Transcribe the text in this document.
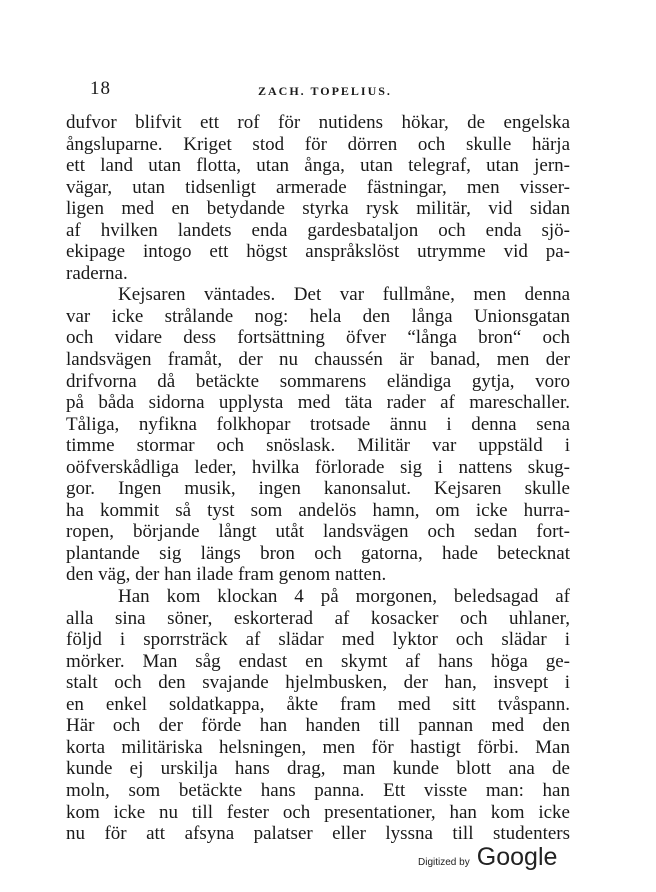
18	ZACH. TOPELIUS.
dufvor blifvit ett rof för nutidens hökar, de engelska
ångsluparne. Kriget stod för dörren och skulle härja
ett land utan flotta, utan ånga, utan telegraf, utan jern-
vägar, utan tidsenligt armerade fästningar, men visser-
ligen med en betydande styrka rysk militär, vid sidan
af hvilken landets enda gardesbataljon och enda sjö-
ekipage intogo ett högst anspråkslöst utrymme vid pa-
raderna.
Kejsaren väntades. Det var fullmåne, men denna
var icke strålande nog: hela den långa Unionsgatan
och vidare dess fortsättning öfver “långa bron“ och
landsvägen framåt, der nu chaussén är banad, men der
drifvorna då betäckte sommarens eländiga gytja, voro
på båda sidorna upplysta med täta rader af mareschaller.
Tåliga, nyfikna folkhopar trotsade ännu i denna sena
timme stormar och snöslask. Militär var uppstäld i
oöfverskådliga leder, hvilka förlorade sig i nattens skug-
gor. Ingen musik, ingen kanonsalut. Kejsaren skulle
ha kommit så tyst som andelös hamn, om icke hurra-
ropen, börjande långt utåt landsvägen och sedan fort-
plantande sig längs bron och gatorna, hade betecknat
den väg, der han ilade fram genom natten.
Han kom klockan 4 på morgonen, beledsagad af
alla sina söner, eskorterad af kosacker och uhlaner,
följd i sporrsträck af slädar med lyktor och slädar i
mörker. Man såg endast en skymt af hans höga ge-
stalt och den svajande hjelmbusken, der han, insvept i
en enkel soldatkappa, åkte fram med sitt tvåspann.
Här och der förde han handen till pannan med den
korta militäriska helsningen, men för hastigt förbi. Man
kunde ej urskilja hans drag, man kunde blott ana de
moln, som betäckte hans panna. Ett visste man: han
kom icke nu till fester och presentationer, han kom icke
nu för att afsyna palatser eller lyssna till studenters
Digitized by Google
